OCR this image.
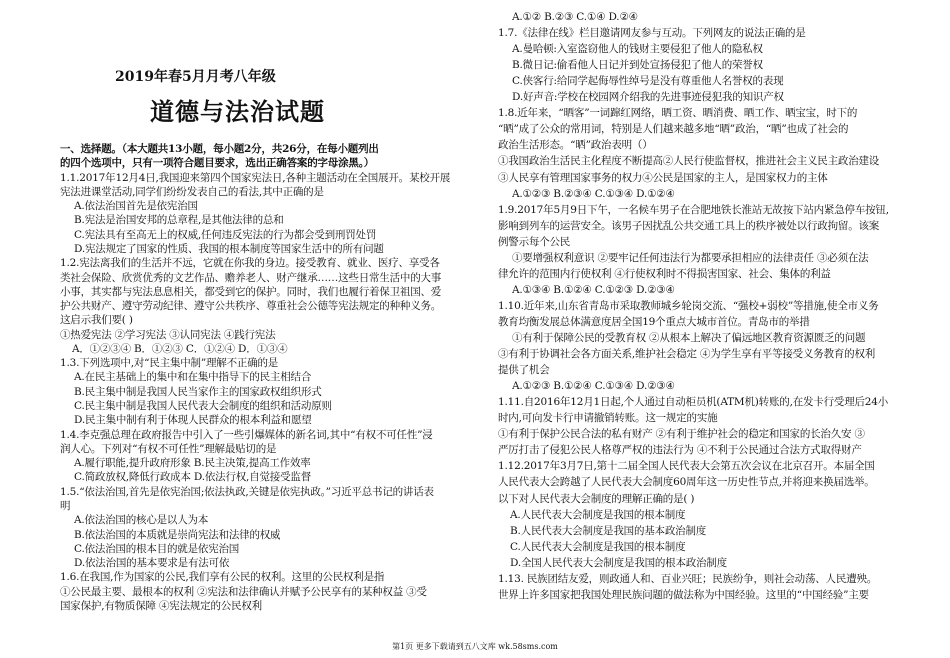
2019年春5月月考八年级
道德与法治试题
一、选择题。（本大题共13小题，每小题2分，共26分，在每小题列出
的四个选项中，只有一项符合题目要求，选出正确答案的字母涂黑。）
1.1.2017年12月4日,我国迎来第四个国家宪法日,各种主题活动在全国展开。某校开展
宪法进课堂活动,同学们纷纷发表自己的看法,其中正确的是
A.依法治国首先是依宪治国
B.宪法是治国安邦的总章程,是其他法律的总和
C.宪法具有至高无上的权威,任何违反宪法的行为都会受到刑罚处罚
D.宪法规定了国家的性质、我国的根本制度等国家生活中的所有问题
1.2.宪法离我们的生活并不远，它就在你我的身边。接受教育、就业、医疗、享受各
类社会保险、欣赏优秀的文艺作品、赡养老人、财产继承……这些日常生活中的大事
小事，其实都与宪法息息相关，都受到它的保护。同时，我们也履行着保卫祖国、爱
护公共财产、遵守劳动纪律、遵守公共秩序、尊重社会公德等宪法规定的种种义务。
这启示我们要( )
①热爱宪法 ②学习宪法 ③认同宪法 ④践行宪法
A．①②③④ B．①②③ C．①②④ D．①③④
1.3.下列选项中,对“民主集中制”理解不正确的是
A.在民主基础上的集中和在集中指导下的民主相结合
B.民主集中制是我国人民当家作主的国家政权组织形式
C.民主集中制是我国人民代表大会制度的组织和活动原则
D.民主集中制有利于体现人民群众的根本利益和愿望
1.4.李克强总理在政府报告中引入了一些引爆媒体的新名词,其中“有权不可任性”浸
润人心。下列对“有权不可任性”理解最贴切的是
A.履行职能,提升政府形象 B.民主决策,提高工作效率
C.简政放权,降低行政成本 D.依法行权,自觉接受监督
1.5.“依法治国,首先是依宪治国;依法执政,关键是依宪执政。”习近平总书记的讲话表
明
A.依法治国的核心是以人为本
B.依法治国的本质就是崇尚宪法和法律的权威
C.依法治国的根本目的就是依宪治国
D.依法治国的基本要求是有法可依
1.6.在我国,作为国家的公民,我们享有公民的权利。这里的公民权利是指
①公民最主要、最根本的权利 ②宪法和法律确认并赋予公民享有的某种权益 ③受
国家保护,有物质保障 ④宪法规定的公民权利
A.①② B.②③ C.①④ D.②④
1.7.《法律在线》栏目邀请网友参与互动。下列网友的说法正确的是
A.曼哈顿:入室盗窃他人的钱财主要侵犯了他人的隐私权
B.微日记:偷看他人日记并到处宣扬侵犯了他人的荣誉权
C.侠客行:给同学起侮辱性绰号是没有尊重他人名誉权的表现
D.好声音:学校在校园网介绍我的先进事迹侵犯我的知识产权
1.8.近年来，“晒客”一词蹿红网络，晒工资、晒消费、晒工作、晒宝宝，时下的
“晒”成了公众的常用词，特别是人们越来越多地“晒”政治，“晒”也成了社会的
政治生活形态。“晒”政治表明（）
①我国政治生活民主化程度不断提高②人民行使监督权，推进社会主义民主政治建设
③人民享有管理国家事务的权力④公民是国家的主人，是国家权力的主体
A.①②③ B.②③④ C.①③④ D.①②④
1.9.2017年5月9日下午，一名候车男子在合肥地铁长淮站无故按下站内紧急停车按钮,
影响到列车的运营安全。该男子因扰乱公共交通工具上的秩序被处以行政拘留。该案
例警示每个公民
①要增强权利意识 ②要牢记任何违法行为都要承担相应的法律责任 ③必须在法
律允许的范围内行使权利 ④行使权利时不得损害国家、社会、集体的利益
A.①③④ B.①②④ C.①②③ D.②③④
1.10.近年来,山东省青岛市采取教师城乡轮岗交流、“强校+弱校”等措施,使全市义务
教育均衡发展总体满意度居全国19个重点大城市首位。青岛市的举措
①有利于保障公民的受教育权 ②从根本上解决了偏远地区教育资源匮乏的问题
③有利于协调社会各方面关系,维护社会稳定 ④为学生享有平等接受义务教育的权利
提供了机会
A.①②③ B.①②④ C.①③④ D.②③④
1.11.自2016年12月1日起,个人通过自动柜员机(ATM机)转账的,在发卡行受理后24小
时内,可向发卡行申请撤销转账。这一规定的实施
①有利于保护公民合法的私有财产 ②有利于维护社会的稳定和国家的长治久安 ③
严厉打击了侵犯公民人格尊严权的违法行为 ④不利于公民通过合法方式取得财产
1.12.2017年3月7日,第十二届全国人民代表大会第五次会议在北京召开。本届全国
人民代表大会跨越了人民代表大会制度60周年这一历史性节点,并将迎来换届选举。
以下对人民代表大会制度的理解正确的是( )
A.人民代表大会制度是我国的根本制度
B.人民代表大会制度是我国的基本政治制度
C.人民代表大会制度是我国的根本制度
D.全国人民代表大会制度是我国的根本政治制度
1.13. 民族团结友爱，则政通人和、百业兴旺；民族纷争，则社会动荡、人民遭殃。
世界上许多国家把我国处理民族问题的做法称为中国经验。这里的“中国经验”主要
第1页 更多下载请到五八文库 wk.58sms.com
